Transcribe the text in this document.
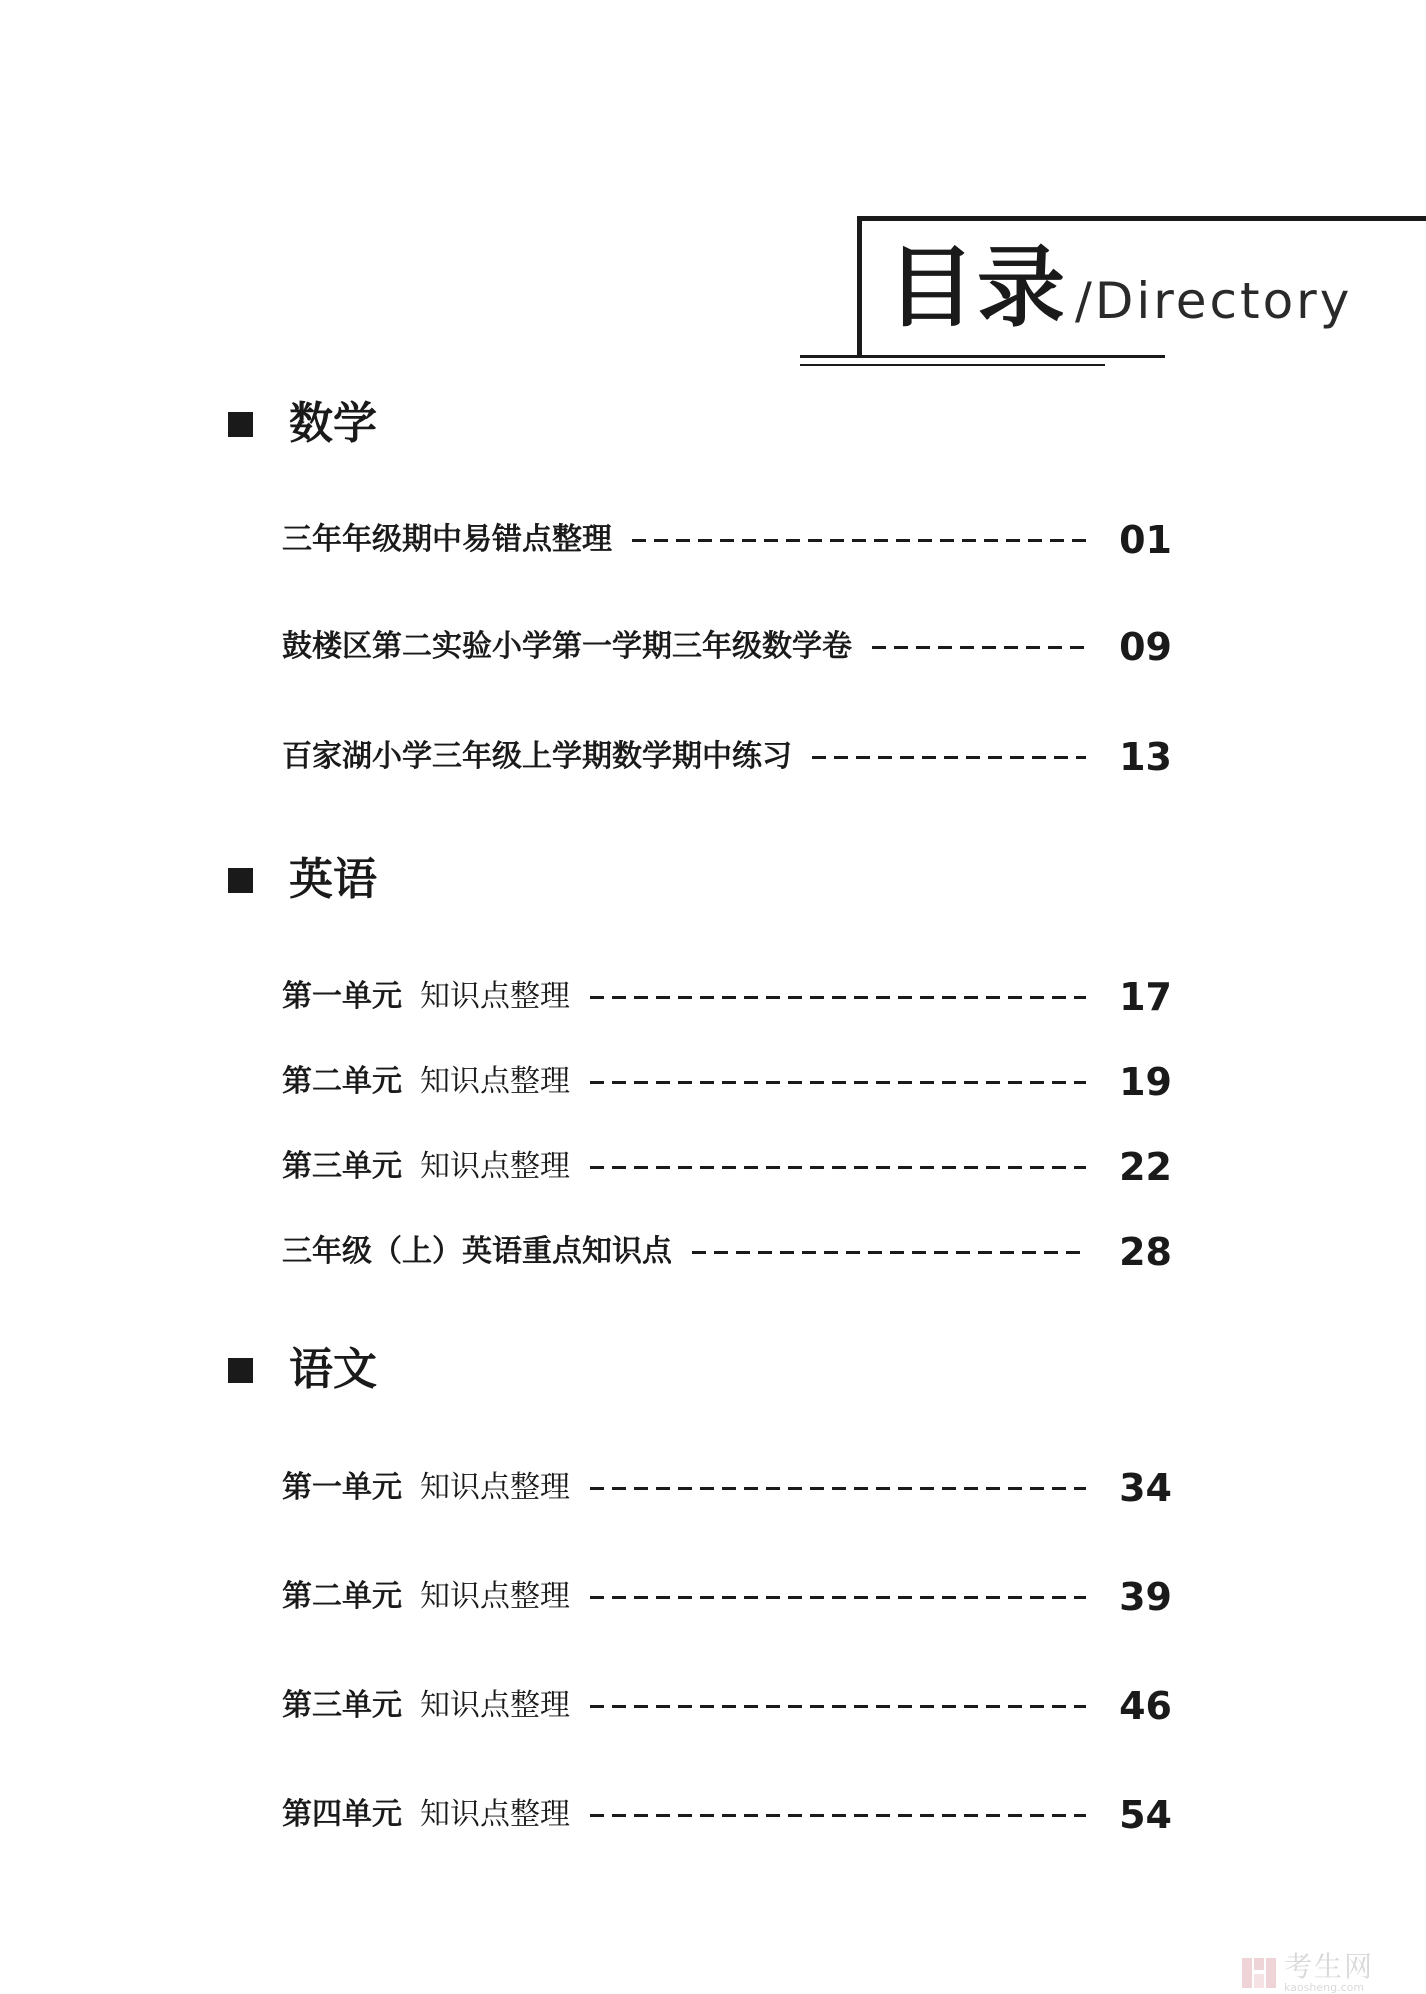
目录 /Directory
数学
三年年级期中易错点整理	01
鼓楼区第二实验小学第一学期三年级数学卷	09
百家湖小学三年级上学期数学期中练习	13
英语
第一单元 知识点整理	17
第二单元 知识点整理	19
第三单元 知识点整理	22
三年级（上）英语重点知识点	28
语文
第一单元 知识点整理	34
第二单元 知识点整理	39
第三单元 知识点整理	46
第四单元 知识点整理	54
考生网
kaosheng.com
